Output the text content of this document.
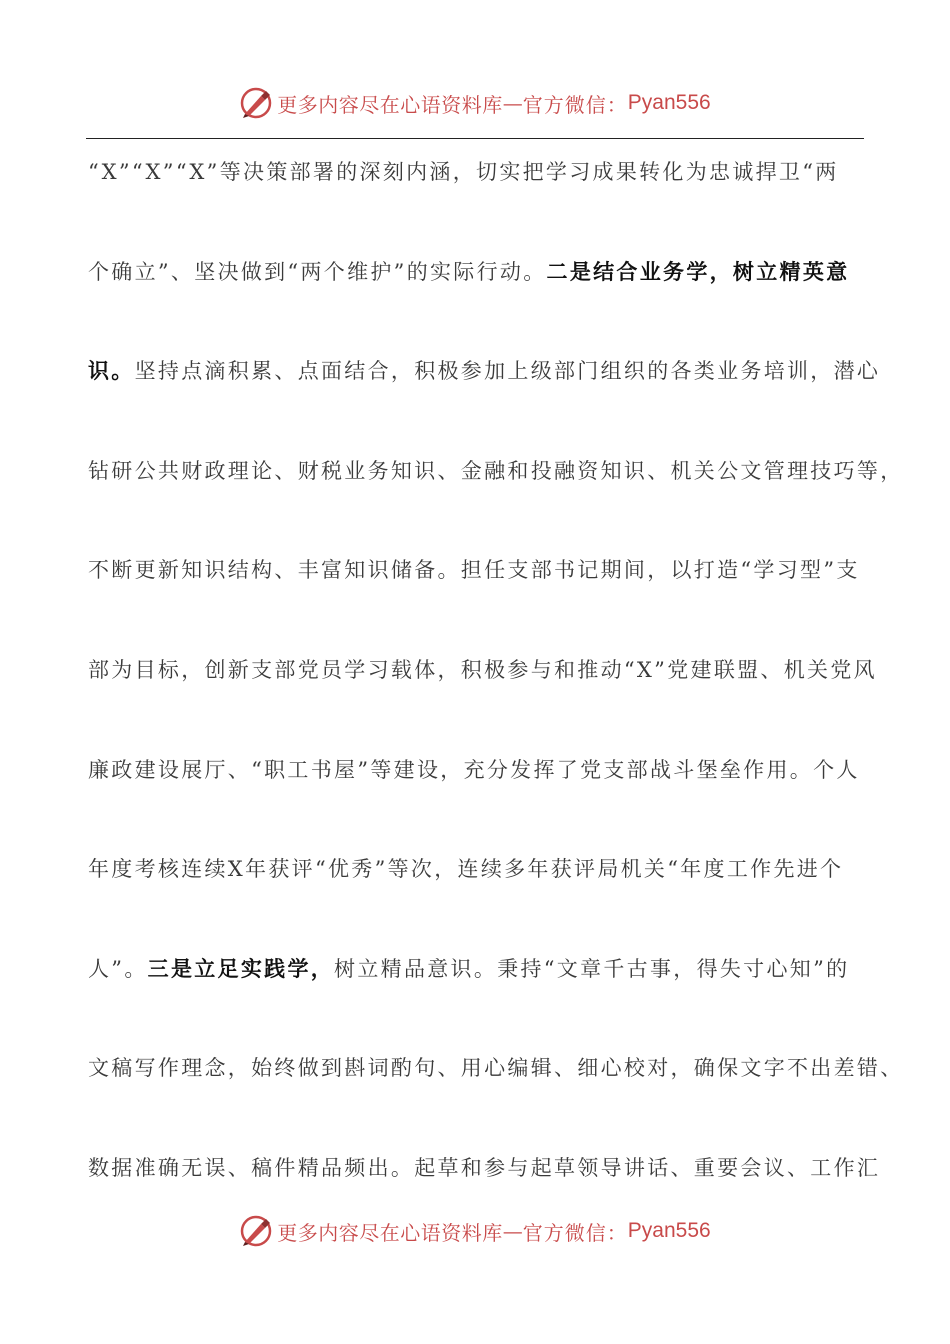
更多内容尽在心语资料库 — 官方微信： Pyan556
“X”“X”“X”等决策部署的深刻内涵，切实把学习成果转化为忠诚捍卫“两
个确立”、坚决做到“两个维护”的实际行动。二是结合业务学，树立精英意
识。坚持点滴积累、点面结合，积极参加上级部门组织的各类业务培训，潜心
钻研公共财政理论、财税业务知识、金融和投融资知识、机关公文管理技巧等，
不断更新知识结构、丰富知识储备。担任支部书记期间，以打造“学习型”支
部为目标，创新支部党员学习载体，积极参与和推动“X”党建联盟、机关党风
廉政建设展厅、“职工书屋”等建设，充分发挥了党支部战斗堡垒作用。个人
年度考核连续X年获评“优秀”等次，连续多年获评局机关“年度工作先进个
人”。三是立足实践学，树立精品意识。秉持“文章千古事，得失寸心知”的
文稿写作理念，始终做到斟词酌句、用心编辑、细心校对，确保文字不出差错、
数据准确无误、稿件精品频出。起草和参与起草领导讲话、重要会议、工作汇
更多内容尽在心语资料库 — 官方微信： Pyan556
